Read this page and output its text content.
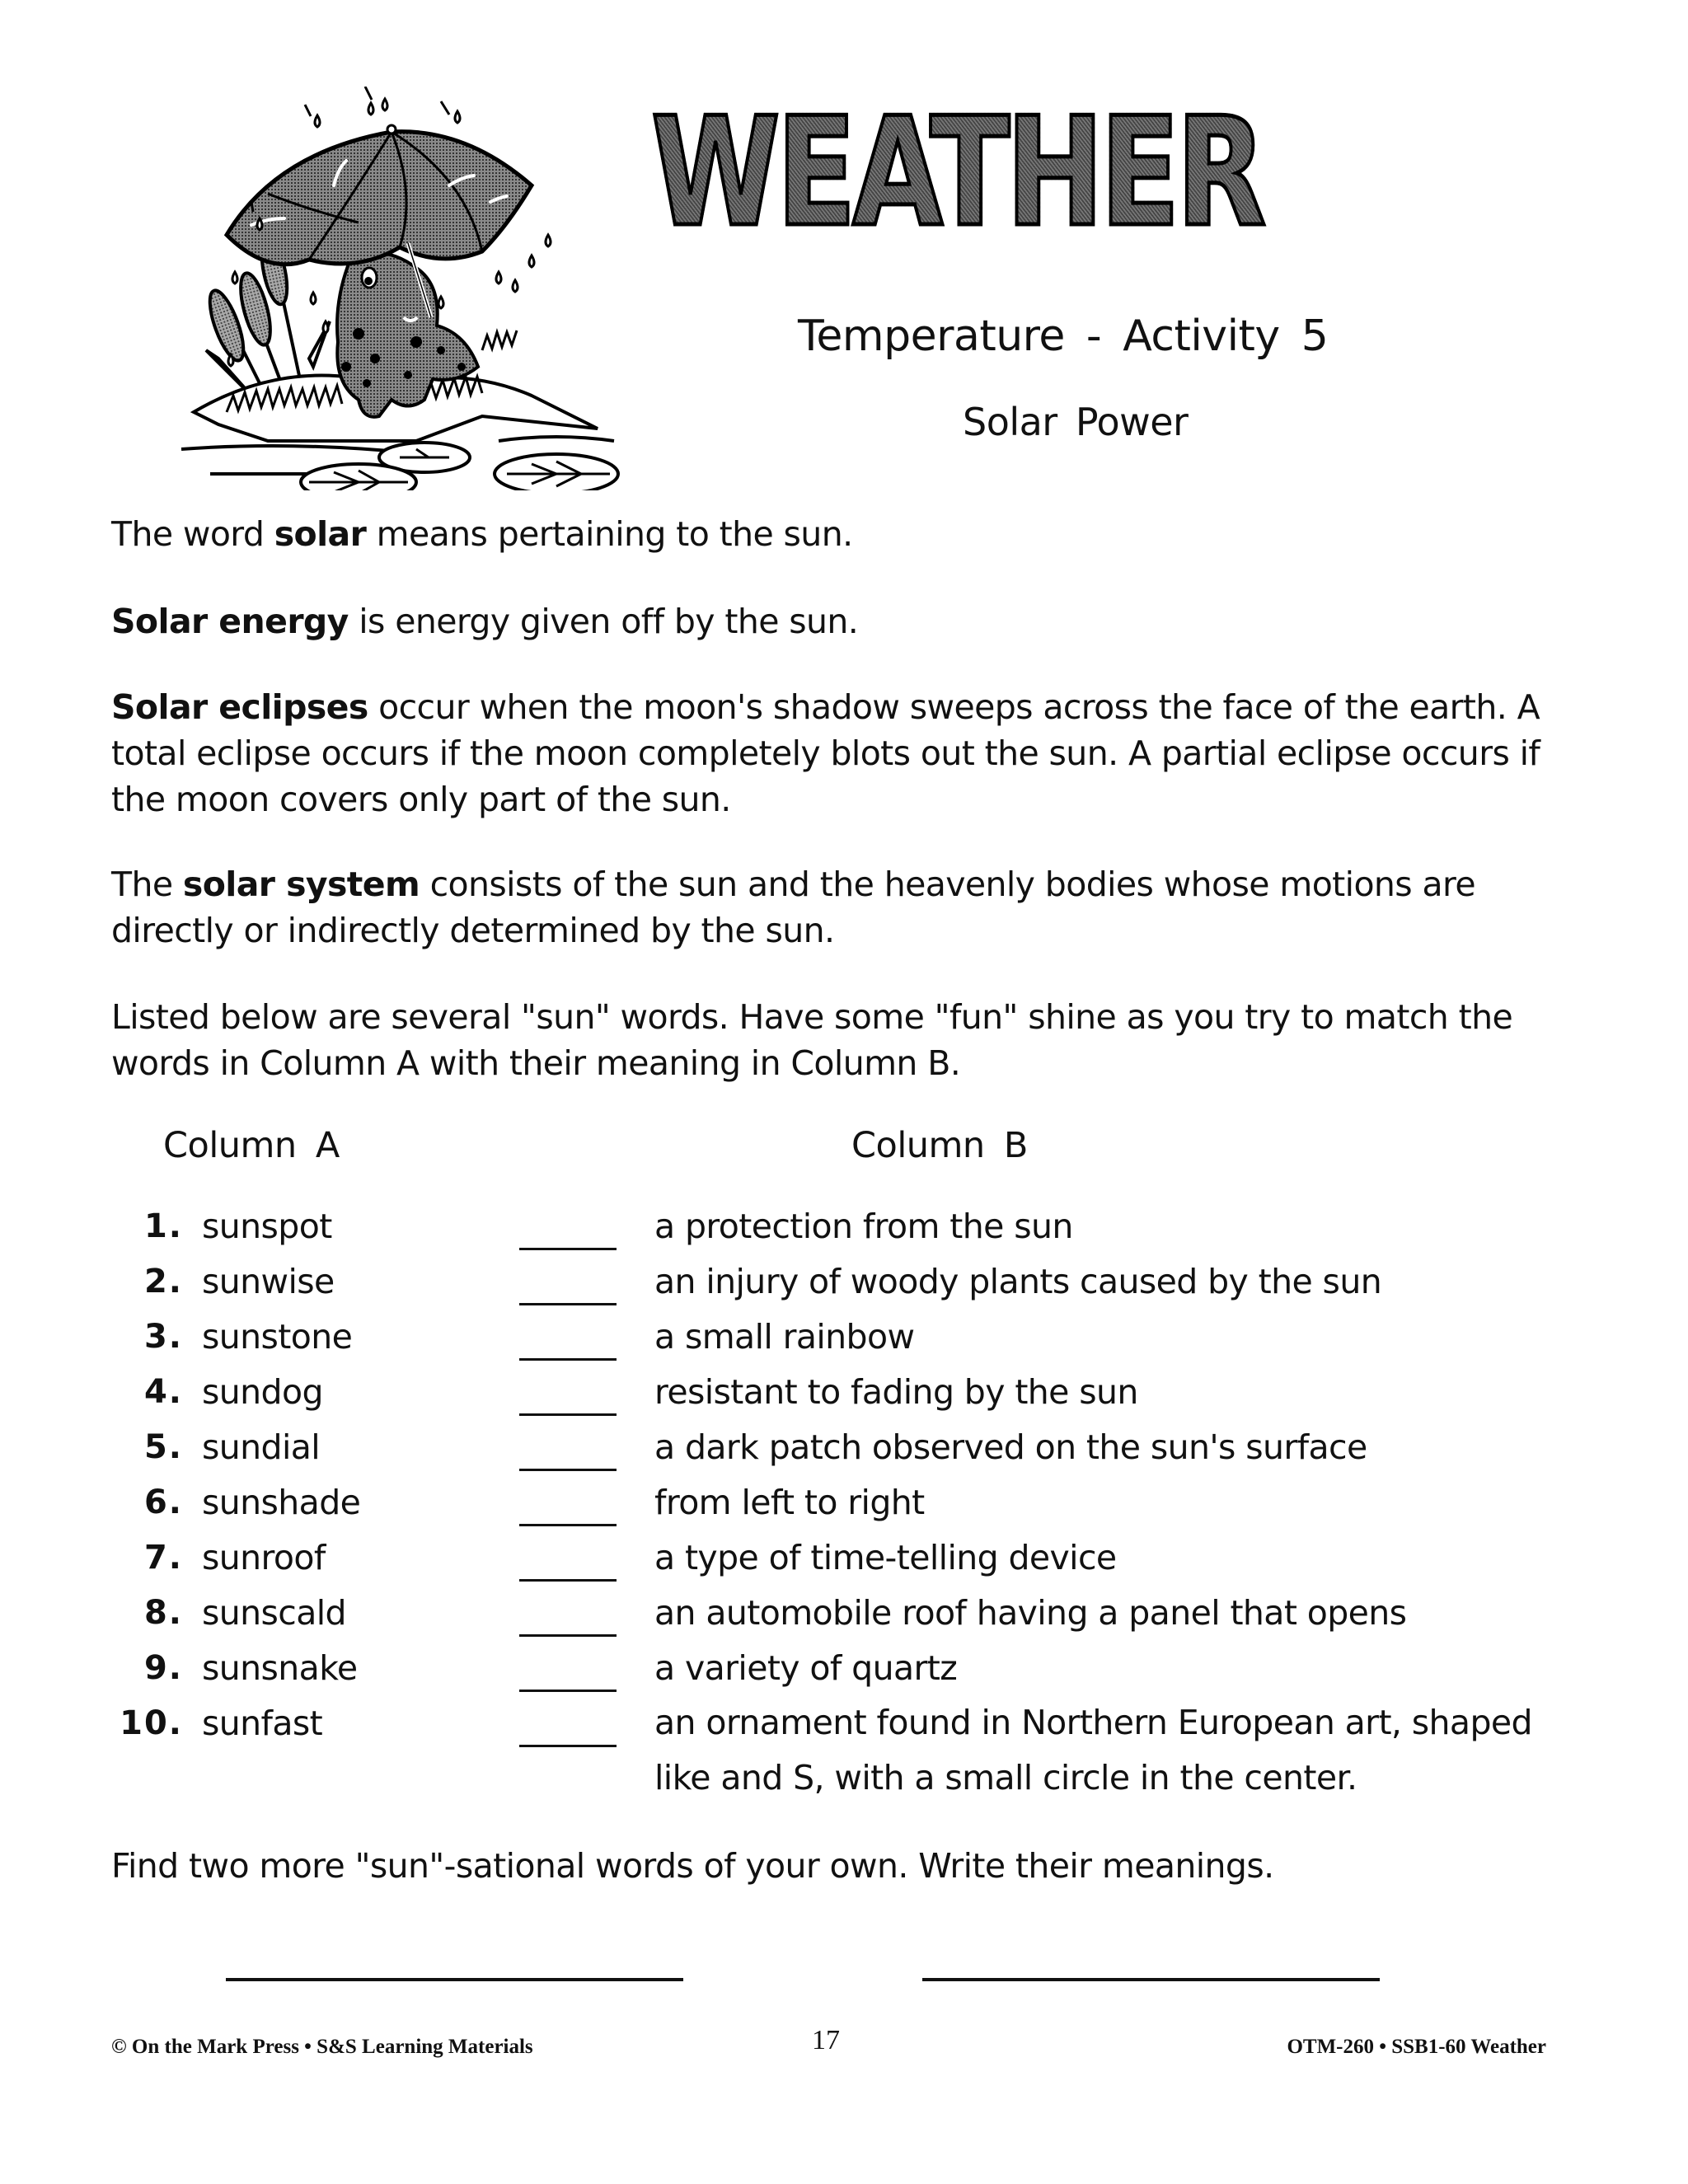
WEATHER
Temperature - Activity 5
Solar Power
The word solar means pertaining to the sun.
Solar energy is energy given off by the sun.
Solar eclipses occur when the moon's shadow sweeps across the face of the earth. A total eclipse occurs if the moon completely blots out the sun. A partial eclipse occurs if the moon covers only part of the sun.
The solar system consists of the sun and the heavenly bodies whose motions are directly or indirectly determined by the sun.
Listed below are several "sun" words. Have some "fun" shine as you try to match the words in Column A with their meaning in Column B.
Column A	Column B
1. sunspot	a protection from the sun
2. sunwise	an injury of woody plants caused by the sun
3. sunstone	a small rainbow
4. sundog	resistant to fading by the sun
5. sundial	a dark patch observed on the sun's surface
6. sunshade	from left to right
7. sunroof	a type of time-telling device
8. sunscald	an automobile roof having a panel that opens
9. sunsnake	a variety of quartz
10. sunfast	an ornament found in Northern European art, shaped like and S, with a small circle in the center.
Find two more "sun"-sational words of your own. Write their meanings.
© On the Mark Press • S&S Learning Materials	17	OTM-260 • SSB1-60 Weather
